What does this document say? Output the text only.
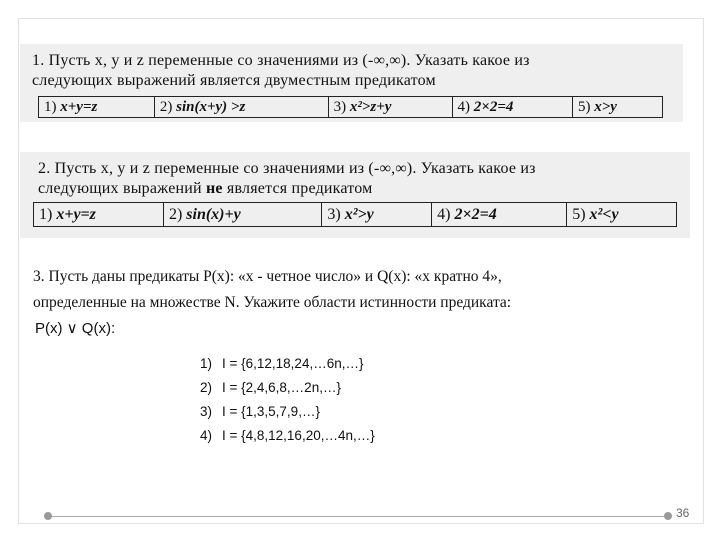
1. Пусть x, y и z переменные со значениями из (-∞,∞). Указать какое из
следующих выражений является двуместным предикатом
1) x+y=z	2) sin(x+y) >z	3) x²>z+y	4) 2×2=4	5) x>y
2. Пусть x, y и z переменные со значениями из (-∞,∞). Указать какое из
следующих выражений не является предикатом
1) x+y=z	2) sin(x)+y	3) x²>y	4) 2×2=4	5) x²<y
3. Пусть даны предикаты P(x): «x - четное число» и Q(x): «x кратно 4»,
определенные на множестве N. Укажите области истинности предиката:
P(x) ∨ Q(x):
1) I = {6,12,18,24,…6n,…}
2) I = {2,4,6,8,…2n,…}
3) I = {1,3,5,7,9,…}
4) I = {4,8,12,16,20,…4n,…}
36
